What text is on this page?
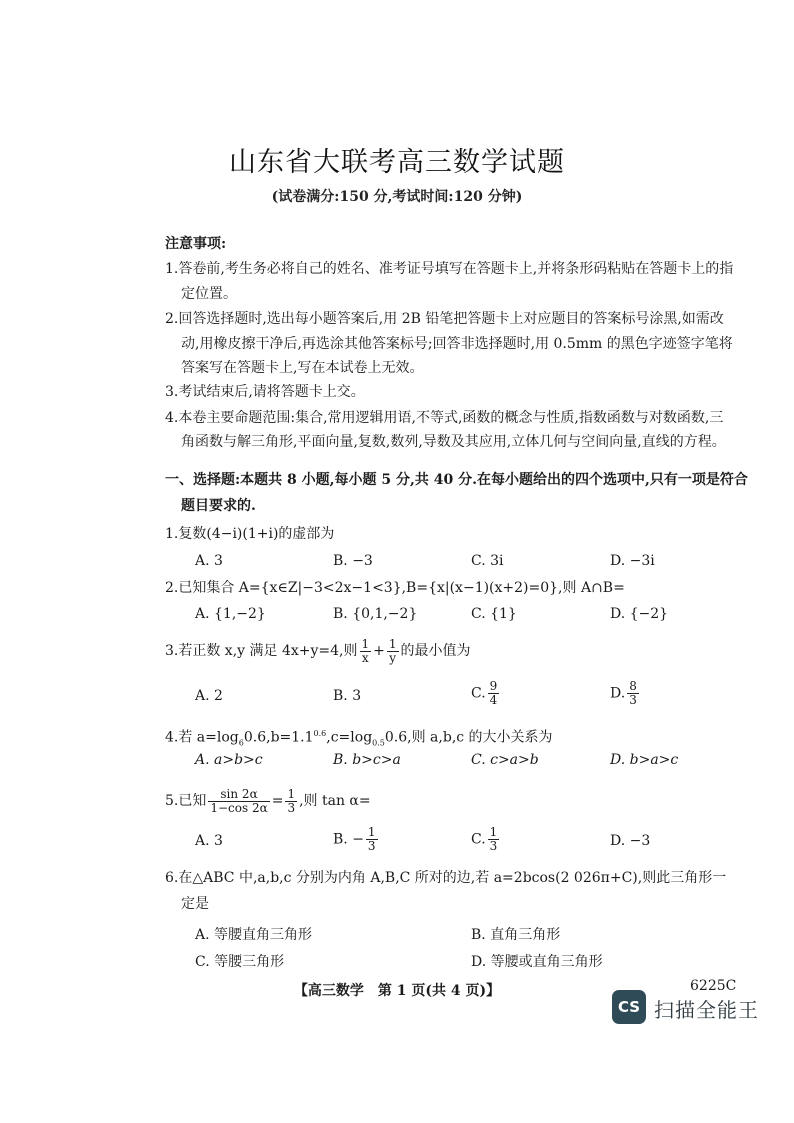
山东省大联考高三数学试题
(试卷满分:150 分,考试时间:120 分钟)
注意事项:
1.答卷前,考生务必将自己的姓名、准考证号填写在答题卡上,并将条形码粘贴在答题卡上的指
定位置。
2.回答选择题时,选出每小题答案后,用 2B 铅笔把答题卡上对应题目的答案标号涂黑,如需改
动,用橡皮擦干净后,再选涂其他答案标号;回答非选择题时,用 0.5mm 的黑色字迹签字笔将
答案写在答题卡上,写在本试卷上无效。
3.考试结束后,请将答题卡上交。
4.本卷主要命题范围:集合,常用逻辑用语,不等式,函数的概念与性质,指数函数与对数函数,三
角函数与解三角形,平面向量,复数,数列,导数及其应用,立体几何与空间向量,直线的方程。
一、选择题:本题共 8 小题,每小题 5 分,共 40 分.在每小题给出的四个选项中,只有一项是符合
题目要求的.
1.复数(4−i)(1+i)的虚部为
A. 3	B. −3	C. 3i	D. −3i
2.已知集合 A={x∈Z|−3<2x−1<3},B={x|(x−1)(x+2)=0},则 A∩B=
A. {1,−2}	B. {0,1,−2}	C. {1}	D. {−2}
3.若正数 x,y 满足 4x+y=4,则 $\frac{1}{x} + \frac{1}{y}$ 的最小值为
A. 2	B. 3	C. $\frac{9}{4}$	D. $\frac{8}{3}$
4.若 $a=\log_60.6,b=1.1^{0.6},c=\log_{0.5}0.6$,则 a,b,c 的大小关系为
A. a>b>c	B. b>c>a	C. c>a>b	D. b>a>c
5.已知 $\frac{\sin 2\alpha}{1-\cos 2\alpha} = \frac{1}{3}$ ,则 tan α=
A. 3	B. − $\frac{1}{3}$	C. $\frac{1}{3}$	D. −3
6.在△ABC 中,a,b,c 分别为内角 A,B,C 所对的边,若 a=2bcos(2 026π+C),则此三角形一
定是
A. 等腰直角三角形	B. 直角三角形
C. 等腰三角形	D. 等腰或直角三角形
【高三数学　第 1 页(共 4 页)】	6225C
CS 扫描全能王
